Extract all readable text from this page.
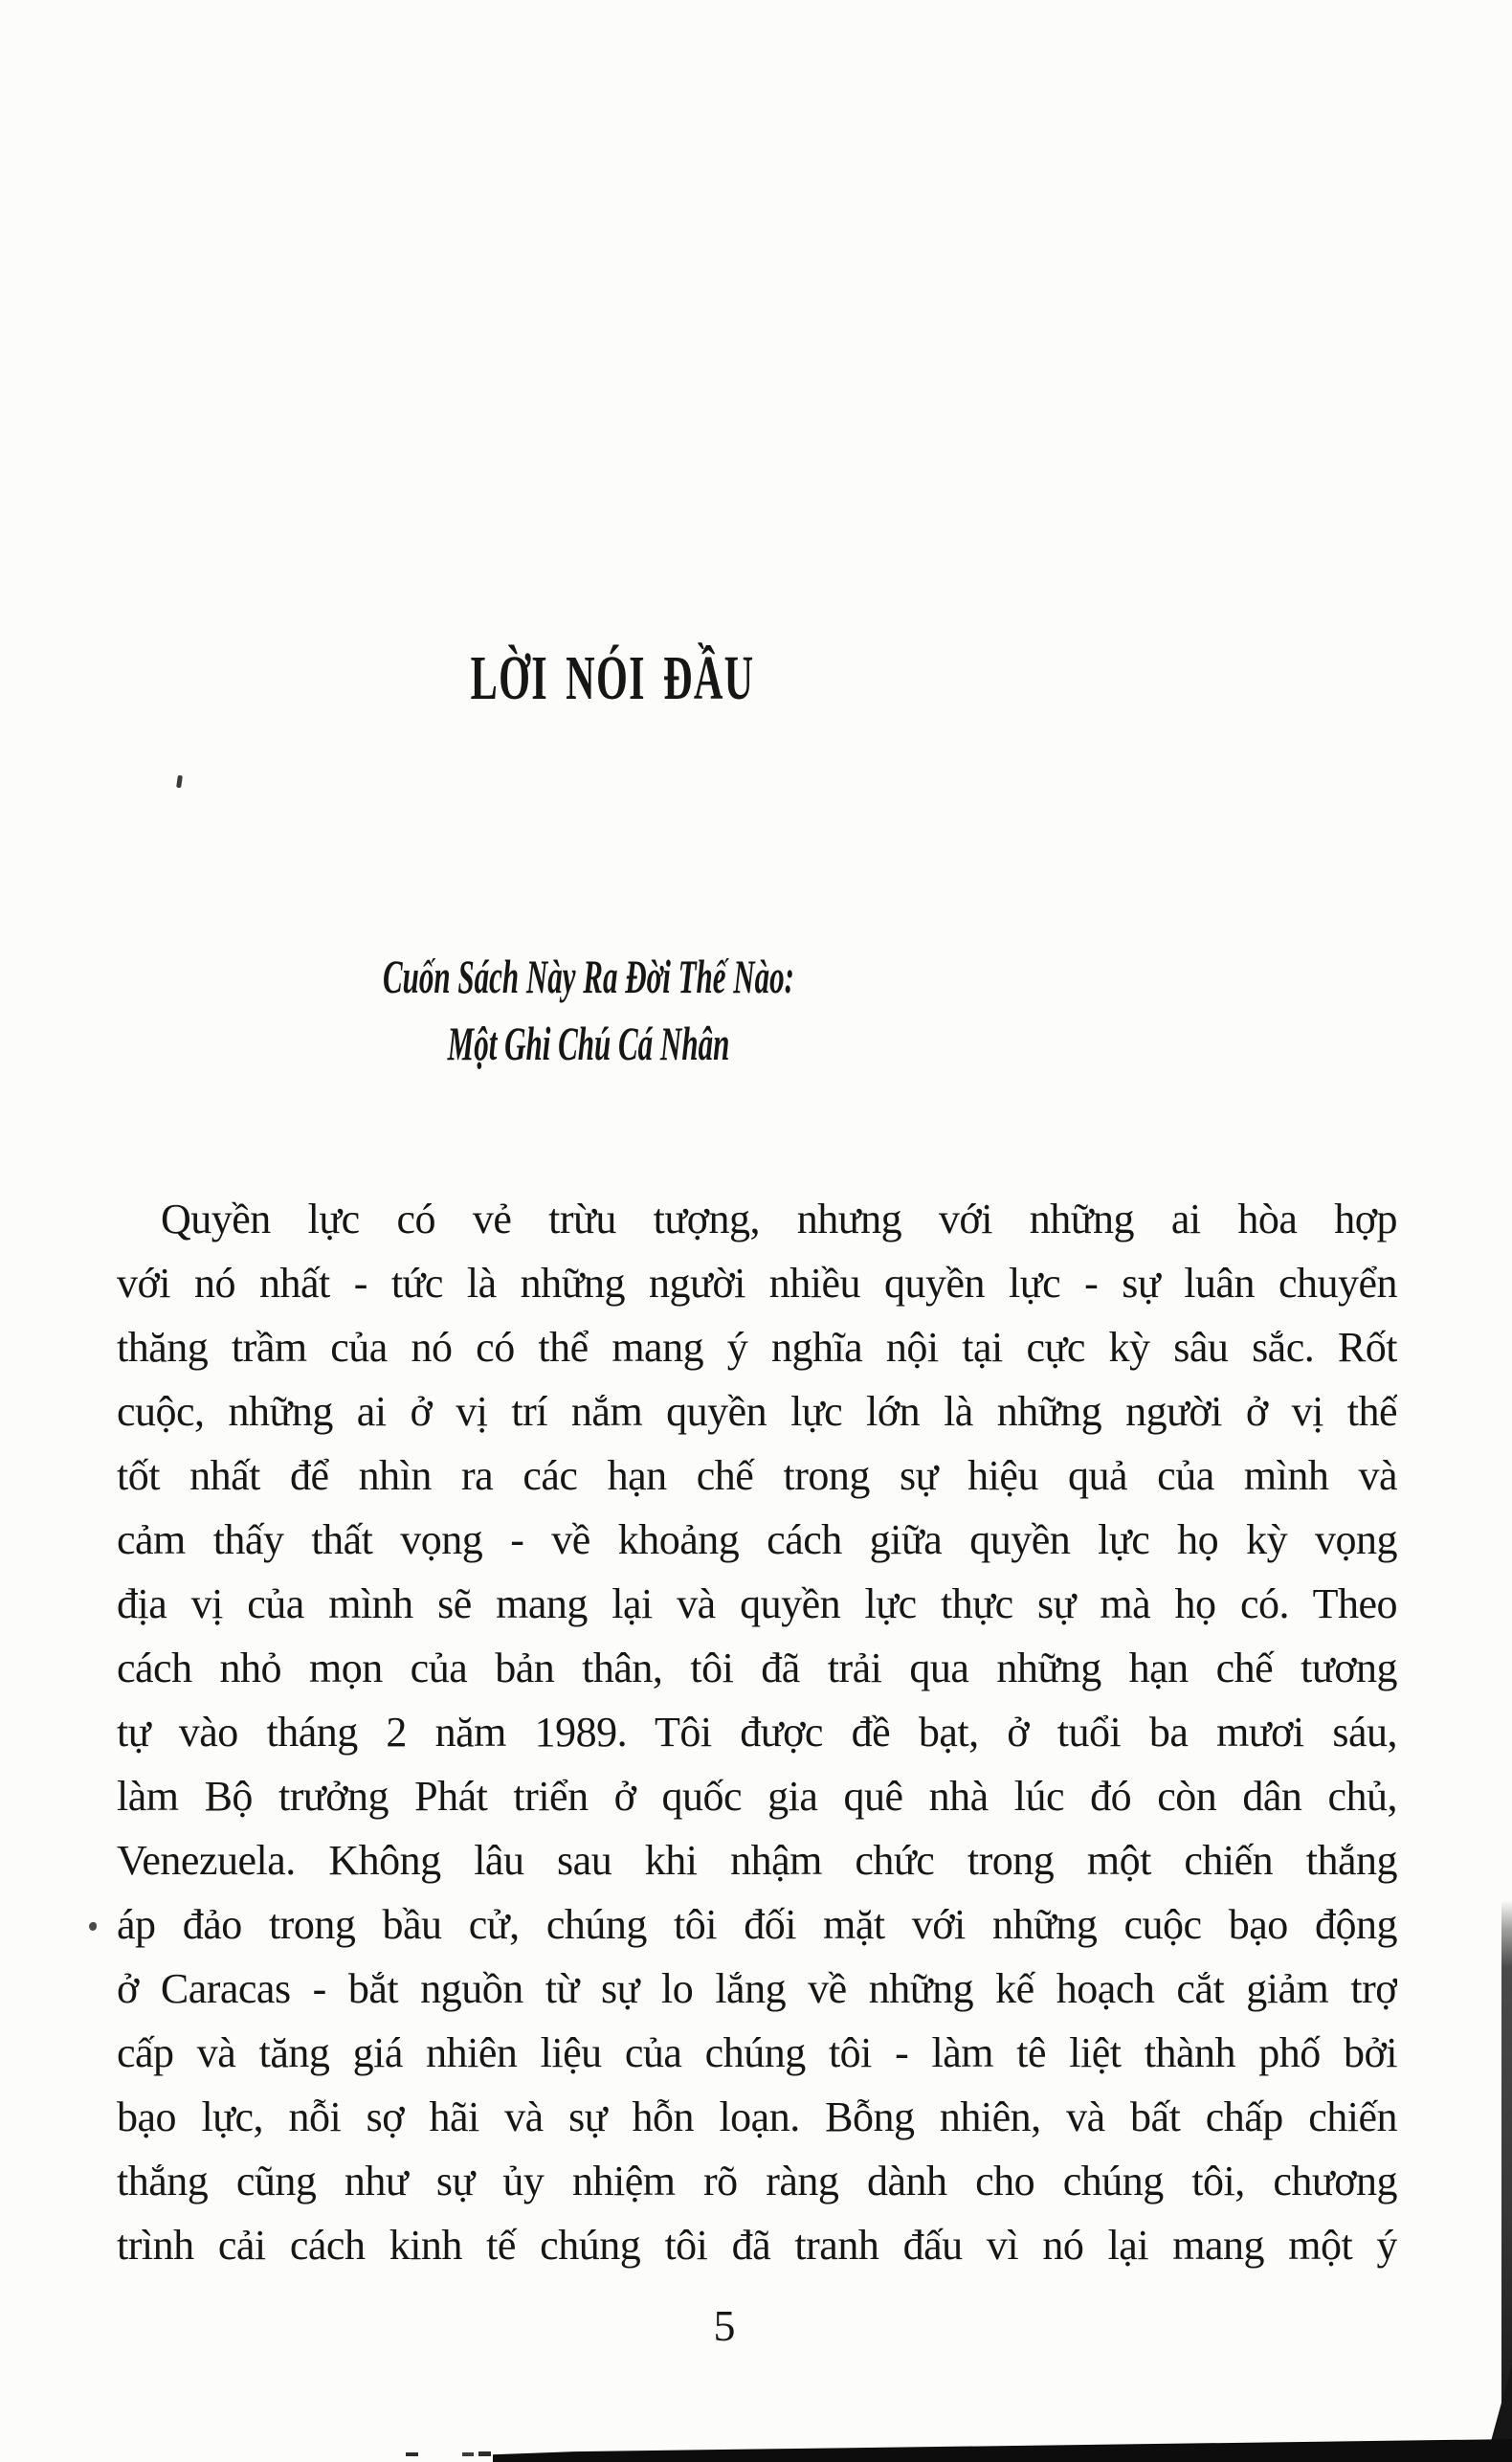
LỜI NÓI ĐẦU
Cuốn Sách Này Ra Đời Thế Nào:
Một Ghi Chú Cá Nhân
Quyền lực có vẻ trừu tượng, nhưng với những ai hòa hợp
với nó nhất - tức là những người nhiều quyền lực - sự luân chuyển
thăng trầm của nó có thể mang ý nghĩa nội tại cực kỳ sâu sắc. Rốt
cuộc, những ai ở vị trí nắm quyền lực lớn là những người ở vị thế
tốt nhất để nhìn ra các hạn chế trong sự hiệu quả của mình và
cảm thấy thất vọng - về khoảng cách giữa quyền lực họ kỳ vọng
địa vị của mình sẽ mang lại và quyền lực thực sự mà họ có. Theo
cách nhỏ mọn của bản thân, tôi đã trải qua những hạn chế tương
tự vào tháng 2 năm 1989. Tôi được đề bạt, ở tuổi ba mươi sáu,
làm Bộ trưởng Phát triển ở quốc gia quê nhà lúc đó còn dân chủ,
Venezuela. Không lâu sau khi nhậm chức trong một chiến thắng
áp đảo trong bầu cử, chúng tôi đối mặt với những cuộc bạo động
ở Caracas - bắt nguồn từ sự lo lắng về những kế hoạch cắt giảm trợ
cấp và tăng giá nhiên liệu của chúng tôi - làm tê liệt thành phố bởi
bạo lực, nỗi sợ hãi và sự hỗn loạn. Bỗng nhiên, và bất chấp chiến
thắng cũng như sự ủy nhiệm rõ ràng dành cho chúng tôi, chương
trình cải cách kinh tế chúng tôi đã tranh đấu vì nó lại mang một ý
5
